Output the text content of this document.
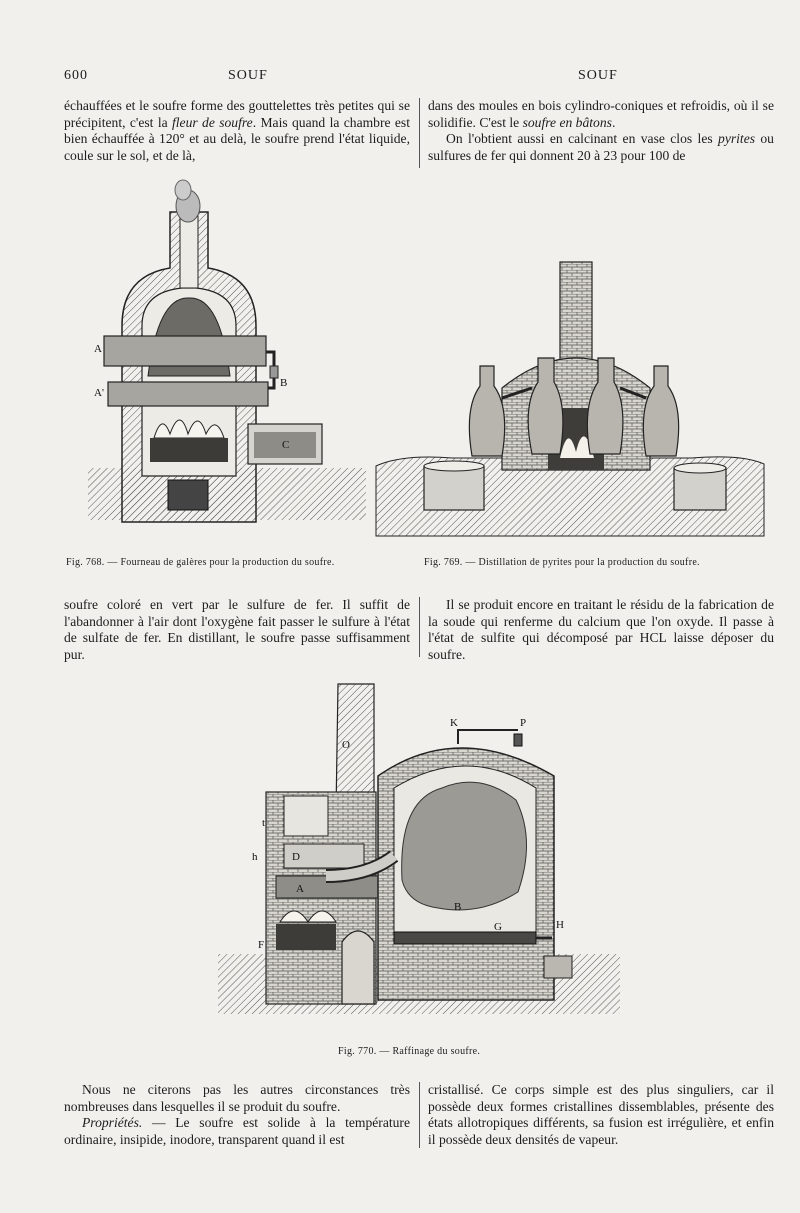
600	SOUF	SOUF

échauffées et le soufre forme des gouttelettes très petites qui se précipitent, c'est la fleur de soufre. Mais quand la chambre est bien échauffée à 120° et au delà, le soufre prend l'état liquide, coule sur le sol, et de là,

dans des moules en bois cylindro-coniques et refroidis, où il se solidifie. C'est le soufre en bâtons.

On l'obtient aussi en calcinant en vase clos les pyrites ou sulfures de fer qui donnent 20 à 23 pour 100 de

A
A'
B
C
Fig. 768. — Fourneau de galères pour la production du soufre.	Fig. 769. — Distillation de pyrites pour la production du soufre.

soufre coloré en vert par le sulfure de fer. Il suffit de l'abandonner à l'air dont l'oxygène fait passer le sulfure à l'état de sulfate de fer. En distillant, le soufre passe suffisamment pur.

Il se produit encore en traitant le résidu de la fabrication de la soude qui renferme du calcium que l'on oxyde. Il passe à l'état de sulfite qui décomposé par HCL laisse déposer du soufre.

K	P
O
t
h	D
A
B
F
H
G
Fig. 770. — Raffinage du soufre.

Nous ne citerons pas les autres circonstances très nombreuses dans lesquelles il se produit du soufre.

Propriétés. — Le soufre est solide à la température ordinaire, insipide, inodore, transparent quand il est

cristallisé. Ce corps simple est des plus singuliers, car il possède deux formes cristallines dissemblables, présente des états allotropiques différents, sa fusion est irrégulière, et enfin il possède deux densités de vapeur.
